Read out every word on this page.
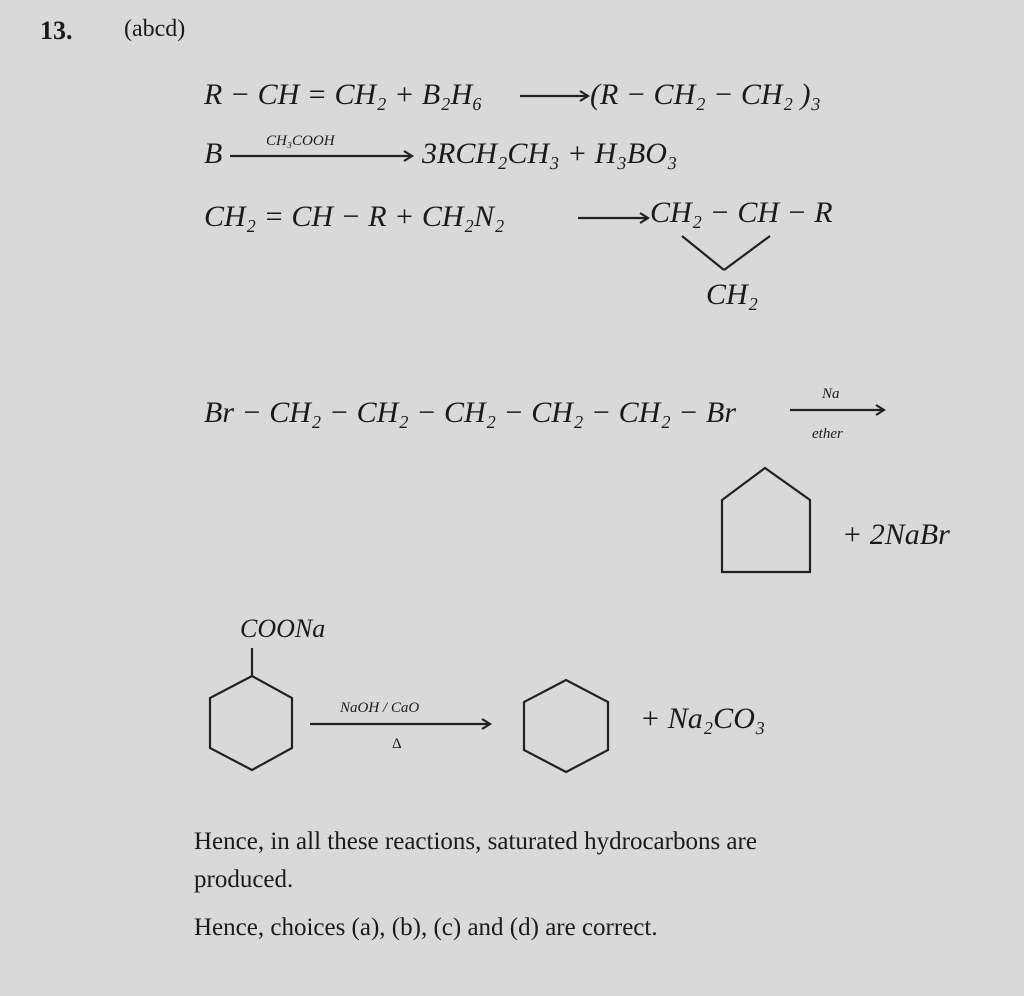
13. (abcd)
R − CH = CH₂ + B₂H₆	(R − CH₂ − CH₂ )₃
B	CH₃COOH	3RCH₂CH₃ + H₃BO₃
CH₂ = CH − R + CH₂N₂	CH₂ − CH − R
CH₂
Br − CH₂ − CH₂ − CH₂ − CH₂ − CH₂ − Br
Na
ether
+ 2NaBr
COONa
NaOH / CaO
Δ
+ Na₂CO₃
Hence, in all these reactions, saturated hydrocarbons are
produced.
Hence, choices (a), (b), (c) and (d) are correct.
